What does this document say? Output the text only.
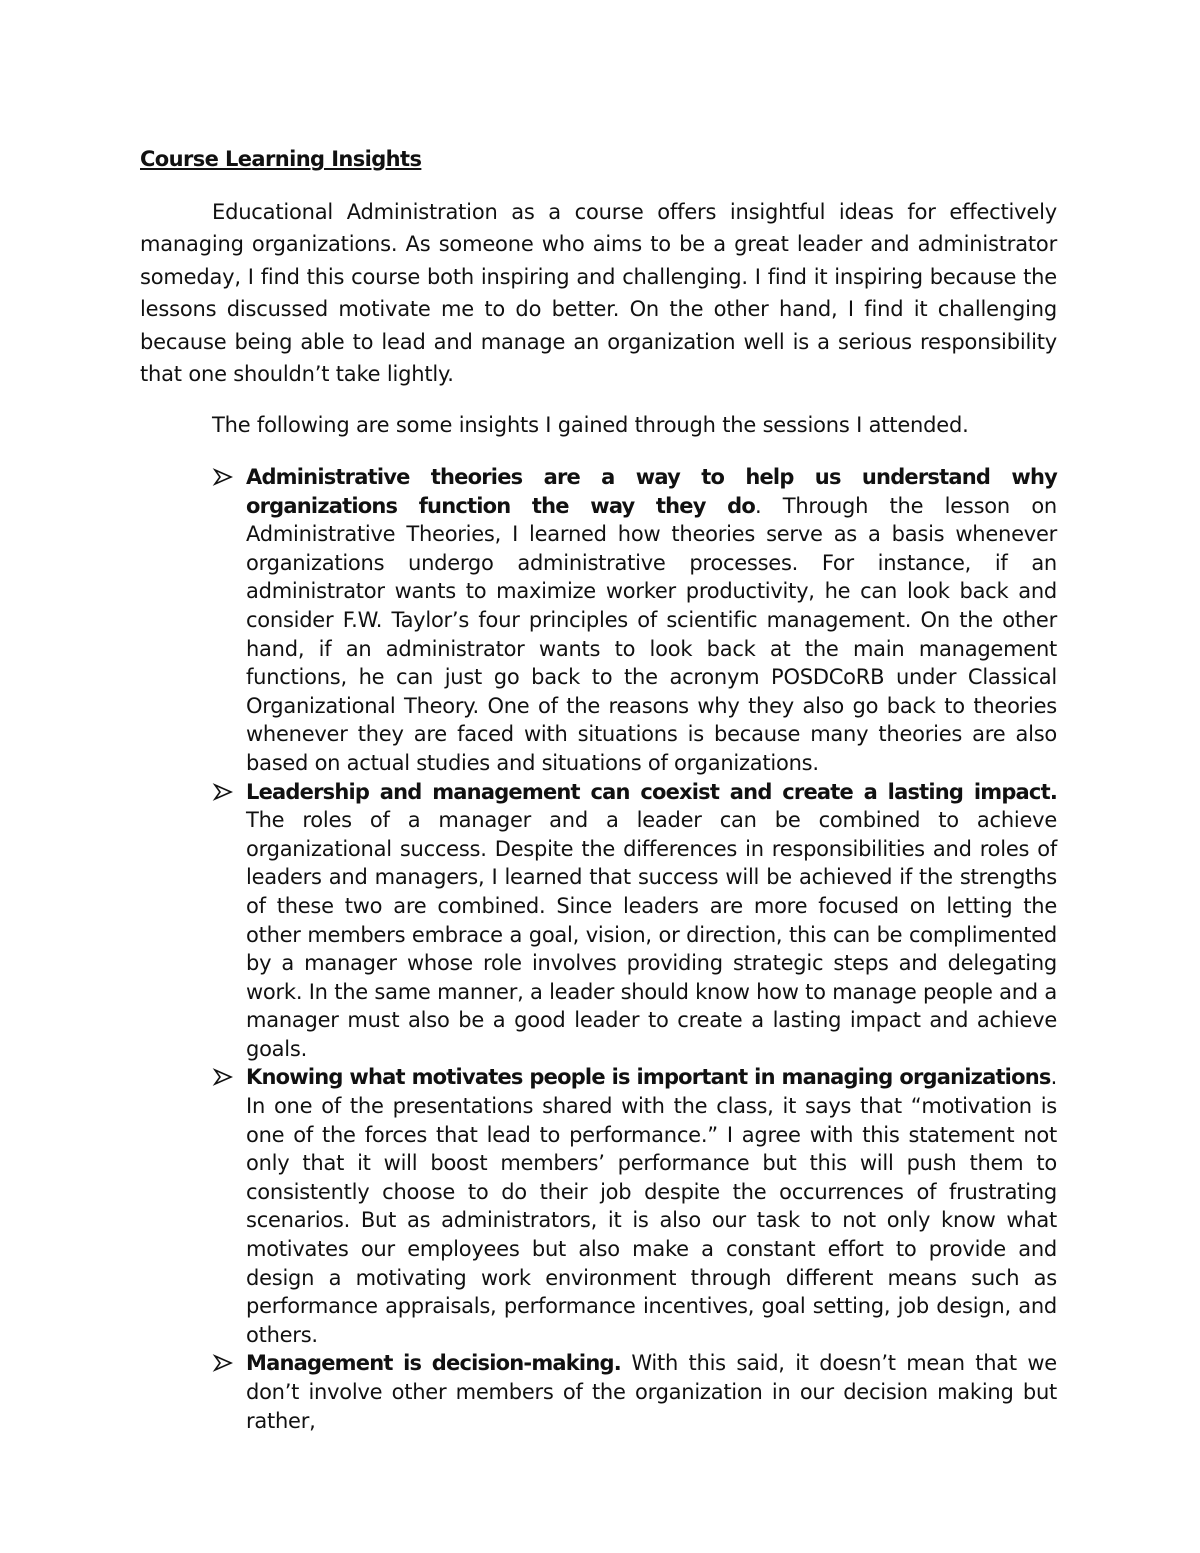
Course Learning Insights

Educational Administration as a course offers insightful ideas for effectively managing organizations. As someone who aims to be a great leader and administrator someday, I find this course both inspiring and challenging. I find it inspiring because the lessons discussed motivate me to do better. On the other hand, I find it challenging because being able to lead and manage an organization well is a serious responsibility that one shouldn’t take lightly.

The following are some insights I gained through the sessions I attended.

Administrative theories are a way to help us understand why organizations function the way they do. Through the lesson on Administrative Theories, I learned how theories serve as a basis whenever organizations undergo administrative processes. For instance, if an administrator wants to maximize worker productivity, he can look back and consider F.W. Taylor’s four principles of scientific management. On the other hand, if an administrator wants to look back at the main management functions, he can just go back to the acronym POSDCoRB under Classical Organizational Theory. One of the reasons why they also go back to theories whenever they are faced with situations is because many theories are also based on actual studies and situations of organizations.
Leadership and management can coexist and create a lasting impact.  The roles of a manager and a leader can be combined to achieve organizational success. Despite the differences in responsibilities and roles of leaders and managers, I learned that success will be achieved if the strengths of these two are combined. Since leaders are more focused on letting the other members embrace a goal, vision, or direction, this can be complimented by a manager whose role involves providing strategic steps and delegating work. In the same manner, a leader should know how to manage people and a manager must also be a good leader to create a lasting impact and achieve goals.
Knowing what motivates people is important in managing organizations. In one of the presentations shared with the class, it says that “motivation is one of the forces that lead to performance.” I agree with this statement not only that it will boost members’ performance but this will push them to consistently choose to do their job despite the occurrences of frustrating scenarios. But as administrators, it is also our task to not only know what motivates our employees but also make a constant effort to provide and design a motivating work environment through different means such as performance appraisals, performance incentives, goal setting, job design, and others.
Management is decision-making. With this said, it doesn’t mean that we don’t involve other members of the organization in our decision making but rather,
